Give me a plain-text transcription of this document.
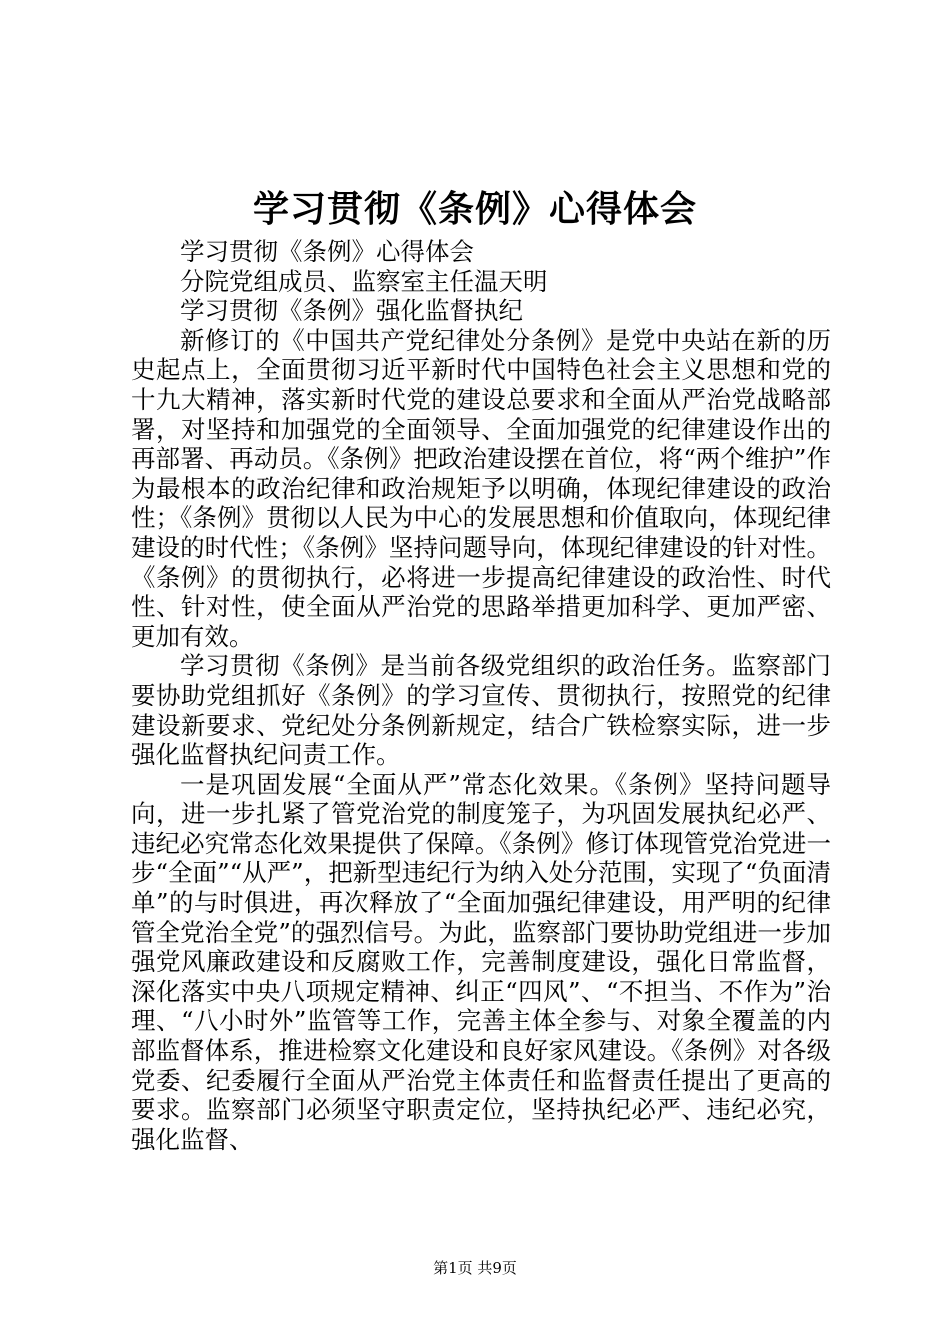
学习贯彻《条例》心得体会

学习贯彻《条例》心得体会

分院党组成员、监察室主任温天明

学习贯彻《条例》强化监督执纪

新修订的《中国共产党纪律处分条例》是党中央站在新的历史起点上，全面贯彻习近平新时代中国特色社会主义思想和党的十九大精神，落实新时代党的建设总要求和全面从严治党战略部署，对坚持和加强党的全面领导、全面加强党的纪律建设作出的再部署、再动员。《条例》把政治建设摆在首位，将“两个维护”作为最根本的政治纪律和政治规矩予以明确，体现纪律建设的政治性；《条例》贯彻以人民为中心的发展思想和价值取向，体现纪律建设的时代性；《条例》坚持问题导向，体现纪律建设的针对性。《条例》的贯彻执行，必将进一步提高纪律建设的政治性、时代性、针对性，使全面从严治党的思路举措更加科学、更加严密、更加有效。

学习贯彻《条例》是当前各级党组织的政治任务。监察部门要协助党组抓好《条例》的学习宣传、贯彻执行，按照党的纪律建设新要求、党纪处分条例新规定，结合广铁检察实际，进一步强化监督执纪问责工作。

一是巩固发展“全面从严”常态化效果。《条例》坚持问题导向，进一步扎紧了管党治党的制度笼子，为巩固发展执纪必严、违纪必究常态化效果提供了保障。《条例》修订体现管党治党进一步“全面”“从严”，把新型违纪行为纳入处分范围，实现了“负面清单”的与时俱进，再次释放了“全面加强纪律建设，用严明的纪律管全党治全党”的强烈信号。为此，监察部门要协助党组进一步加强党风廉政建设和反腐败工作，完善制度建设，强化日常监督，深化落实中央八项规定精神、纠正“四风”、“不担当、不作为”治理、“八小时外”监管等工作，完善主体全参与、对象全覆盖的内部监督体系，推进检察文化建设和良好家风建设。《条例》对各级党委、纪委履行全面从严治党主体责任和监督责任提出了更高的要求。监察部门必须坚守职责定位，坚持执纪必严、违纪必究，强化监督、

第1页 共9页
